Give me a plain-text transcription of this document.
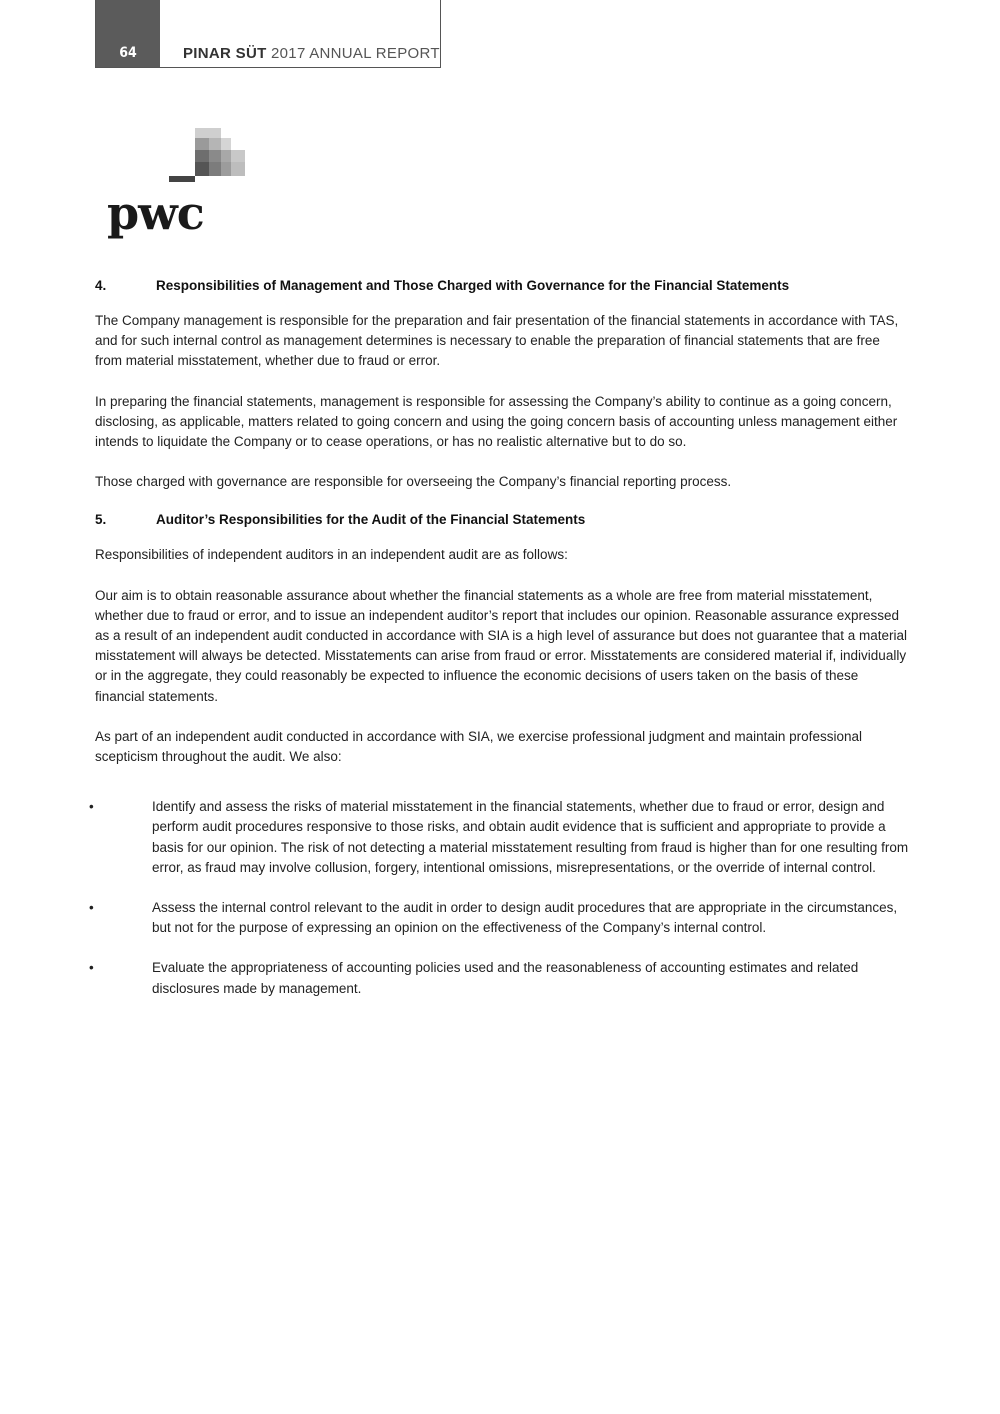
64	PINAR SÜT 2017 ANNUAL REPORT
pwc
4.	Responsibilities of Management and Those Charged with Governance for the Financial Statements

The Company management is responsible for the preparation and fair presentation of the financial statements in accordance with TAS, and for such internal control as management determines is necessary to enable the preparation of financial statements that are free from material misstatement, whether due to fraud or error.

In preparing the financial statements, management is responsible for assessing the Company’s ability to continue as a going concern, disclosing, as applicable, matters related to going concern and using the going concern basis of accounting unless management either intends to liquidate the Company or to cease operations, or has no realistic alternative but to do so.

Those charged with governance are responsible for overseeing the Company’s financial reporting process.

5.	Auditor’s Responsibilities for the Audit of the Financial Statements

Responsibilities of independent auditors in an independent audit are as follows:

Our aim is to obtain reasonable assurance about whether the financial statements as a whole are free from material misstatement, whether due to fraud or error, and to issue an independent auditor’s report that includes our opinion. Reasonable assurance expressed as a result of an independent audit conducted in accordance with SIA is a high level of assurance but does not guarantee that a material misstatement will always be detected. Misstatements can arise from fraud or error. Misstatements are considered material if, individually or in the aggregate, they could reasonably be expected to influence the economic decisions of users taken on the basis of these financial statements.

As part of an independent audit conducted in accordance with SIA, we exercise professional judgment and maintain professional scepticism throughout the audit. We also:

•	Identify and assess the risks of material misstatement in the financial statements, whether due to fraud or error, design and perform audit procedures responsive to those risks, and obtain audit evidence that is sufficient and appropriate to provide a basis for our opinion. The risk of not detecting a material misstatement resulting from fraud is higher than for one resulting from error, as fraud may involve collusion, forgery, intentional omissions, misrepresentations, or the override of internal control.
•	Assess the internal control relevant to the audit in order to design audit procedures that are appropriate in the circumstances, but not for the purpose of expressing an opinion on the effectiveness of the Company’s internal control.
•	Evaluate the appropriateness of accounting policies used and the reasonableness of accounting estimates and related disclosures made by management.
